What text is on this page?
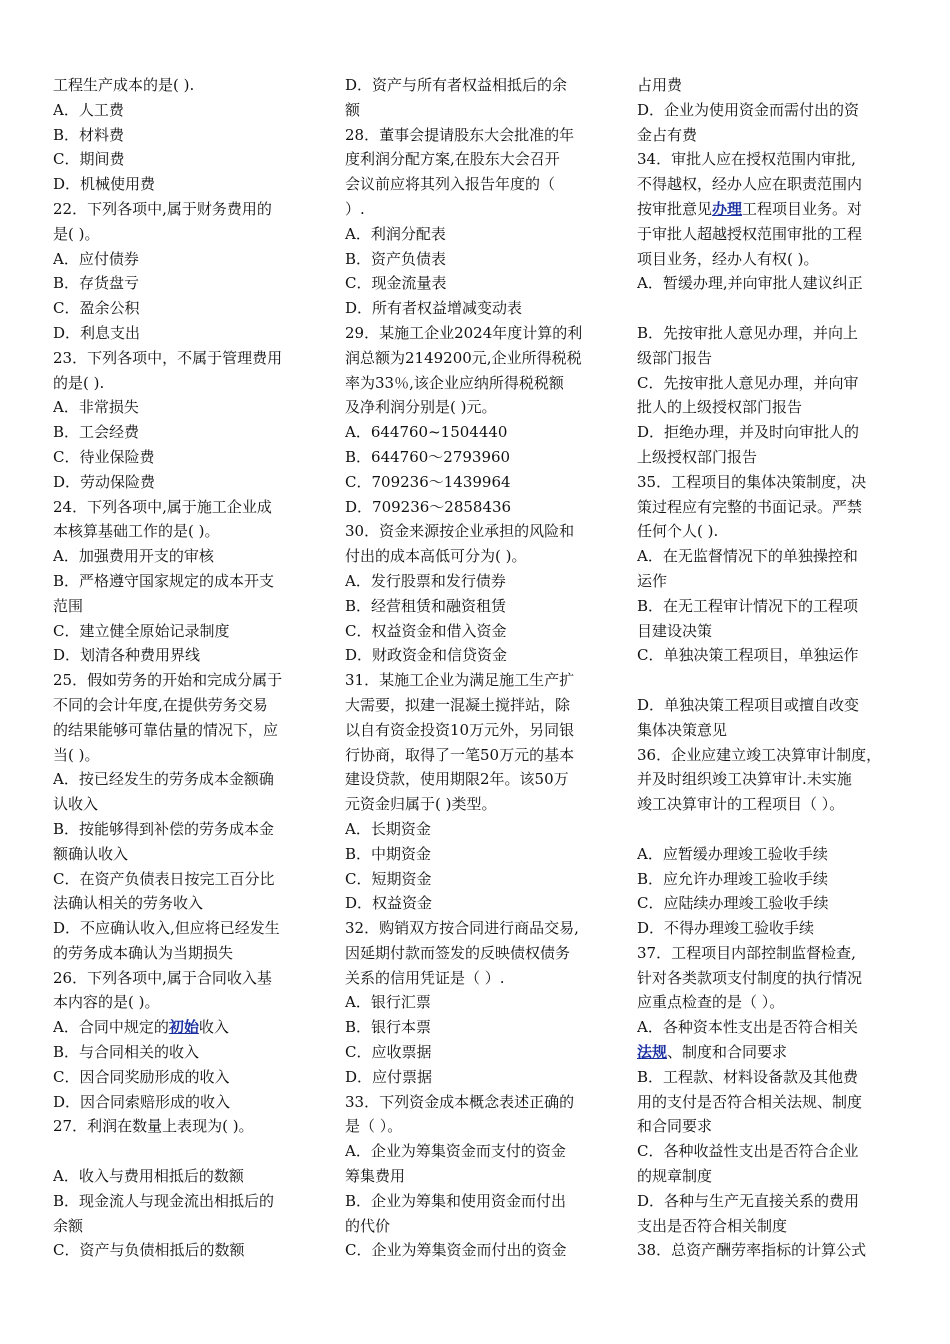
工程生产成本的是( ).
A．人工费
B．材料费
C．期间费
D．机械使用费
22．下列各项中,属于财务费用的
是( )。
A．应付债券
B．存货盘亏
C．盈余公积
D．利息支出
23．下列各项中，不属于管理费用
的是( ).
A．非常损失
B．工会经费
C．待业保险费
D．劳动保险费
24．下列各项中,属于施工企业成
本核算基础工作的是( )。
A．加强费用开支的审核
B．严格遵守国家规定的成本开支
范围
C．建立健全原始记录制度
D．划清各种费用界线
25．假如劳务的开始和完成分属于
不同的会计年度,在提供劳务交易
的结果能够可靠估量的情况下，应
当( )。
A．按已经发生的劳务成本金额确
认收入
B．按能够得到补偿的劳务成本金
额确认收入
C．在资产负债表日按完工百分比
法确认相关的劳务收入
D．不应确认收入,但应将已经发生
的劳务成本确认为当期损失
26．下列各项中,属于合同收入基
本内容的是( )。
A．合同中规定的初始收入
B．与合同相关的收入
C．因合同奖励形成的收入
D．因合同索赔形成的收入
27．利润在数量上表现为( )。
A．收入与费用相抵后的数额
B．现金流人与现金流出相抵后的
余额
C．资产与负债相抵后的数额
D．资产与所有者权益相抵后的余
额
28．董事会提请股东大会批准的年
度利润分配方案,在股东大会召开
会议前应将其列入报告年度的（
）.
A．利润分配表
B．资产负债表
C．现金流量表
D．所有者权益增减变动表
29．某施工企业2024年度计算的利
润总额为2149200元,企业所得税税
率为33％,该企业应纳所得税税额
及净利润分别是( )元。
A．644760~1504440
B．644760～2793960
C．709236～1439964
D．709236～2858436
30．资金来源按企业承担的风险和
付出的成本高低可分为( )。
A．发行股票和发行债券
B．经营租赁和融资租赁
C．权益资金和借入资金
D．财政资金和信贷资金
31．某施工企业为满足施工生产扩
大需要，拟建一混凝土搅拌站，除
以自有资金投资10万元外，另同银
行协商，取得了一笔50万元的基本
建设贷款，使用期限2年。该50万
元资金归属于( )类型。
A．长期资金
B．中期资金
C．短期资金
D．权益资金
32．购销双方按合同进行商品交易,
因延期付款而签发的反映债权债务
关系的信用凭证是（ ）.
A．银行汇票
B．银行本票
C．应收票据
D．应付票据
33．下列资金成本概念表述正确的
是（ ）。
A．企业为筹集资金而支付的资金
筹集费用
B．企业为筹集和使用资金而付出
的代价
C．企业为筹集资金而付出的资金
占用费
D．企业为使用资金而需付出的资
金占有费
34．审批人应在授权范围内审批,
不得越权，经办人应在职责范围内
按审批意见办理工程项目业务。对
于审批人超越授权范围审批的工程
项目业务，经办人有权( )。
A．暂缓办理,并向审批人建议纠正
B．先按审批人意见办理，并向上
级部门报告
C．先按审批人意见办理，并向审
批人的上级授权部门报告
D．拒绝办理，并及时向审批人的
上级授权部门报告
35．工程项目的集体决策制度，决
策过程应有完整的书面记录。严禁
任何个人( ).
A．在无监督情况下的单独操控和
运作
B．在无工程审计情况下的工程项
目建设决策
C．单独决策工程项目，单独运作
D．单独决策工程项目或擅自改变
集体决策意见
36．企业应建立竣工决算审计制度，
并及时组织竣工决算审计.未实施
竣工决算审计的工程项目（ ）。
A．应暂缓办理竣工验收手续
B．应允许办理竣工验收手续
C．应陆续办理竣工验收手续
D．不得办理竣工验收手续
37．工程项目内部控制监督检查,
针对各类款项支付制度的执行情况
应重点检查的是（ ）。
A．各种资本性支出是否符合相关
法规、制度和合同要求
B．工程款、材料设备款及其他费
用的支付是否符合相关法规、制度
和合同要求
C．各种收益性支出是否符合企业
的规章制度
D．各种与生产无直接关系的费用
支出是否符合相关制度
38．总资产酬劳率指标的计算公式
